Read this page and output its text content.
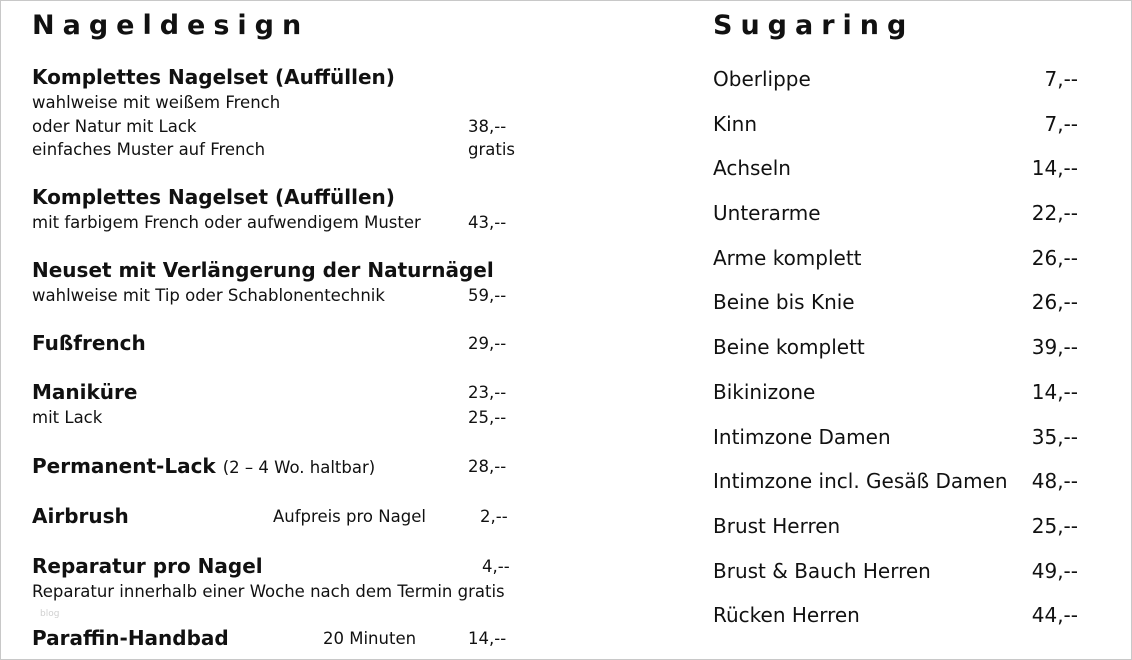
Nageldesign
Komplettes Nagelset (Auffüllen)
wahlweise mit weißem French
oder Natur mit Lack	38,--
einfaches Muster auf French	gratis
Komplettes Nagelset (Auffüllen)
mit farbigem French oder aufwendigem Muster	43,--
Neuset mit Verlängerung der Naturnägel
wahlweise mit Tip oder Schablonentechnik	59,--
Fußfrench	29,--
Maniküre	23,--
mit Lack	25,--
Permanent-Lack (2 – 4 Wo. haltbar)	28,--
Airbrush	Aufpreis pro Nagel	2,--
Reparatur pro Nagel	4,--
Reparatur innerhalb einer Woche nach dem Termin gratis
Paraffin-Handbad	20 Minuten	14,--
blog
Sugaring
Oberlippe	7,--
Kinn	7,--
Achseln	14,--
Unterarme	22,--
Arme komplett	26,--
Beine bis Knie	26,--
Beine komplett	39,--
Bikinizone	14,--
Intimzone Damen	35,--
Intimzone incl. Gesäß Damen 48,--
Brust Herren	25,--
Brust & Bauch Herren	49,--
Rücken Herren	44,--
